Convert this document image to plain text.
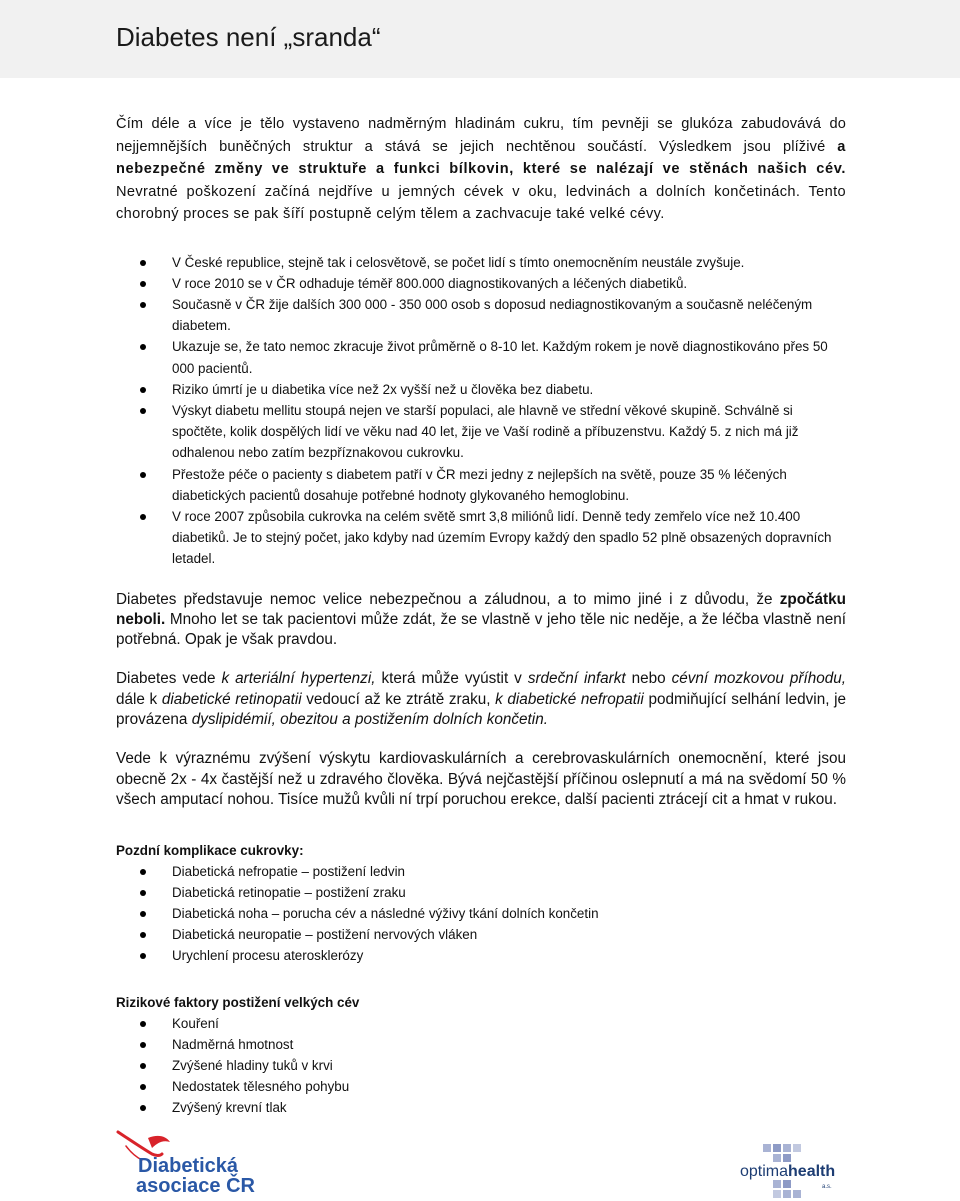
Diabetes není „sranda“

Čím déle a více je tělo vystaveno nadměrným hladinám cukru, tím pevněji se glukóza zabudovává do nejjemnějších buněčných struktur a stává se jejich nechtěnou součástí. Výsledkem jsou plíživé a nebezpečné změny ve struktuře a funkci bílkovin, které se nalézají ve stěnách našich cév. Nevratné poškození začíná nejdříve u jemných cévek v oku, ledvinách a dolních končetinách. Tento chorobný proces se pak šíří postupně celým tělem a zachvacuje také velké cévy.

V České republice, stejně tak i celosvětově, se počet lidí s tímto onemocněním neustále zvyšuje.
V roce 2010 se v ČR odhaduje téměř 800.000 diagnostikovaných a léčených diabetiků.
Současně v ČR žije dalších 300 000 - 350 000 osob s doposud nediagnostikovaným a současně neléčeným diabetem.
Ukazuje se, že tato nemoc zkracuje život průměrně o 8-10 let. Každým rokem je nově diagnostikováno přes 50 000 pacientů.
Riziko úmrtí je u diabetika více než 2x vyšší než u člověka bez diabetu.
Výskyt diabetu mellitu stoupá nejen ve starší populaci, ale hlavně ve střední věkové skupině. Schválně si spočtěte, kolik dospělých lidí ve věku nad 40 let, žije ve Vaší rodině a příbuzenstvu. Každý 5. z nich má již odhalenou nebo zatím bezpříznakovou cukrovku.
Přestože péče o pacienty s diabetem patří v ČR mezi jedny z nejlepších na světě, pouze 35 % léčených diabetických pacientů dosahuje potřebné hodnoty glykovaného hemoglobinu.
V roce 2007 způsobila cukrovka na celém světě smrt 3,8 miliónů lidí. Denně tedy zemřelo více než 10.400 diabetiků. Je to stejný počet, jako kdyby nad územím Evropy každý den spadlo 52 plně obsazených dopravních letadel.

Diabetes představuje nemoc velice nebezpečnou a záludnou, a to mimo jiné i z důvodu, že zpočátku neboli. Mnoho let se tak pacientovi může zdát, že se vlastně v jeho těle nic neděje, a že léčba vlastně není potřebná. Opak je však pravdou.

Diabetes vede k arteriální hypertenzi, která může vyústit v srdeční infarkt nebo cévní mozkovou příhodu, dále k diabetické retinopatii vedoucí až ke ztrátě zraku, k diabetické nefropatii podmiňující selhání ledvin, je provázena dyslipidémií, obezitou a postižením dolních končetin.

Vede k výraznému zvýšení výskytu kardiovaskulárních a cerebrovaskulárních onemocnění, které jsou obecně 2x - 4x častější než u zdravého člověka. Bývá nejčastější příčinou oslepnutí a má na svědomí 50 % všech amputací nohou. Tisíce mužů kvůli ní trpí poruchou erekce, další pacienti ztrácejí cit a hmat v rukou.

Pozdní komplikace cukrovky:

Diabetická nefropatie – postižení ledvin
Diabetická retinopatie – postižení zraku
Diabetická noha – porucha cév a následné výživy tkání dolních končetin
Diabetická neuropatie – postižení nervových vláken
Urychlení procesu aterosklerózy

Rizikové faktory postižení velkých cév

Kouření
Nadměrná hmotnost
Zvýšené hladiny tuků v krvi
Nedostatek tělesného pohybu
Zvýšený krevní tlak
Diabetická
asociace ČR
optimahealth
a.s.
